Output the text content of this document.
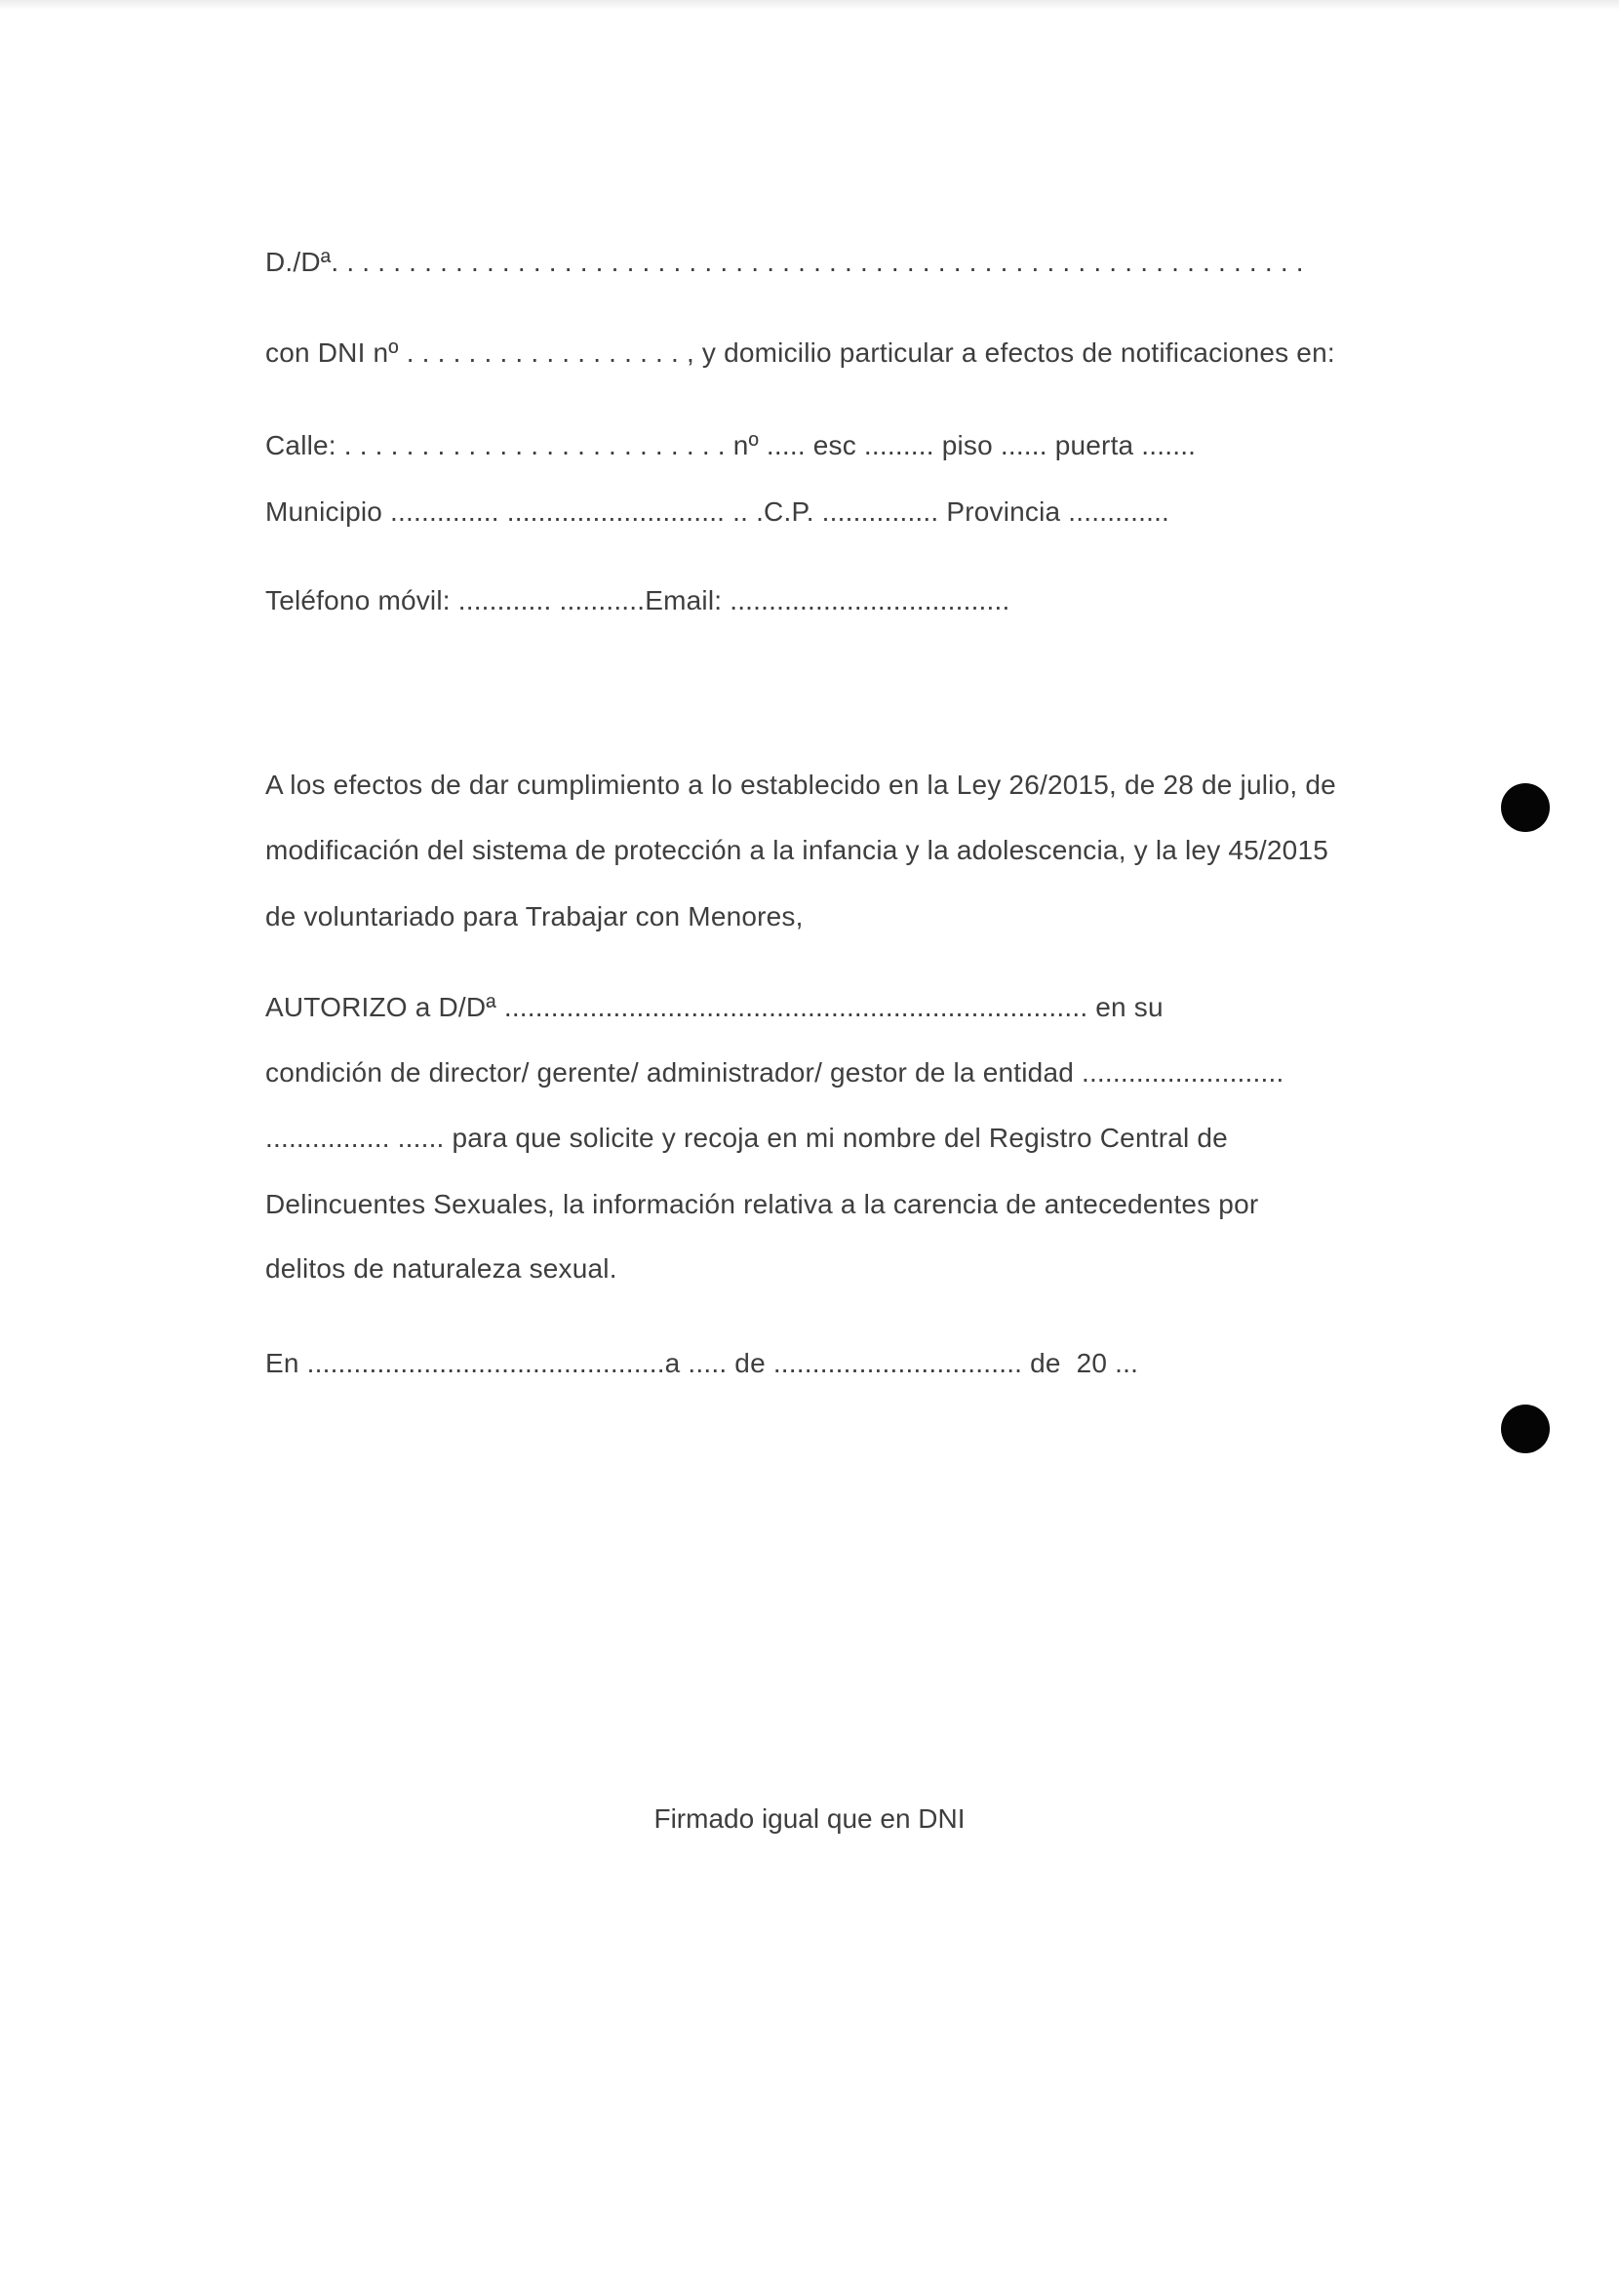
D./Dª. . . . . . . . . . . . . . . . . . . . . . . . . . . . . . . . . . . . . . . . . . . . . . . . . . . . . . . . . . . . . . .
con DNI nº . . . . . . . . . . . . . . . . . . , y domicilio particular a efectos de notificaciones en:
Calle: . . . . . . . . . . . . . . . . . . . . . . . . . nº ..... esc ......... piso ...... puerta .......
Municipio .............. ............................ .. .C.P. ............... Provincia .............
Teléfono móvil: ............ ...........Email: ....................................
A los efectos de dar cumplimiento a lo establecido en la Ley 26/2015, de 28 de julio, de
modificación del sistema de protección a la infancia y la adolescencia, y la ley 45/2015
de voluntariado para Trabajar con Menores,
AUTORIZO a D/Dª ........................................................................... en su
condición de director/ gerente/ administrador/ gestor de la entidad ..........................
................ ...... para que solicite y recoja en mi nombre del Registro Central de
Delincuentes Sexuales, la información relativa a la carencia de antecedentes por
delitos de naturaleza sexual.
En ..............................................a ..... de ................................ de  20 ...
Firmado igual que en DNI
